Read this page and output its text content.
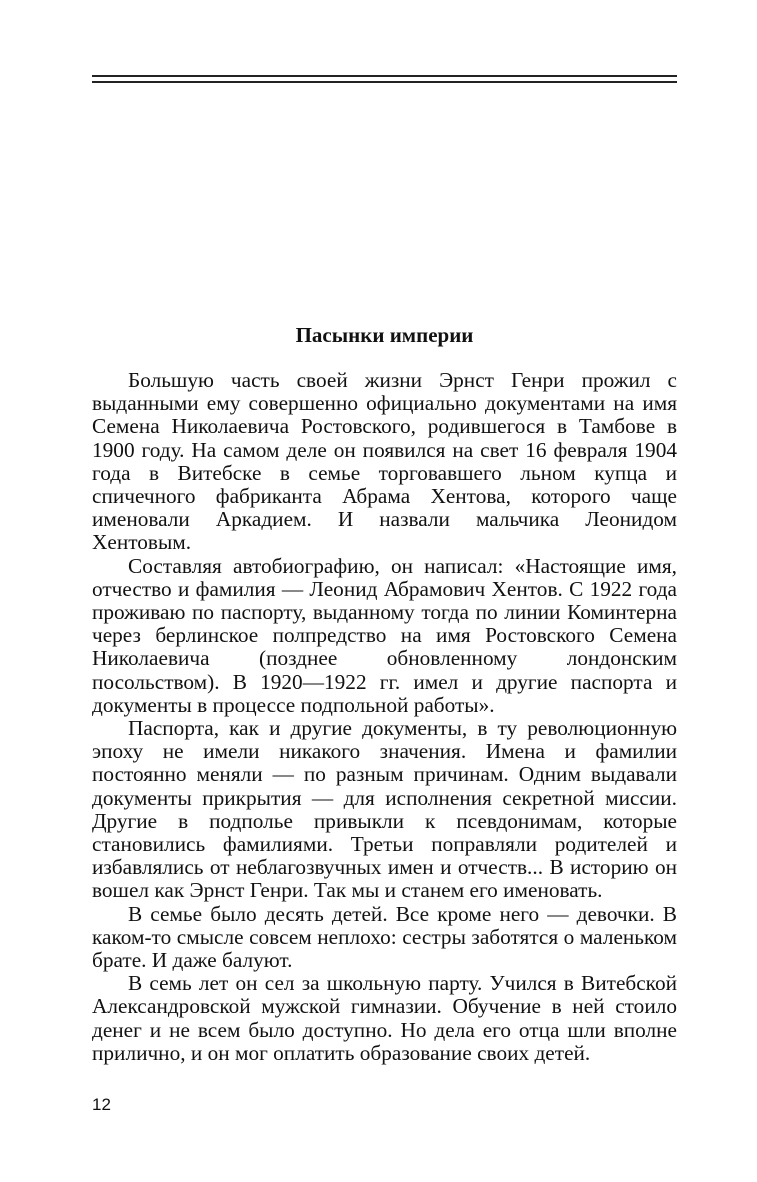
Пасынки империи

Большую часть своей жизни Эрнст Генри прожил с выданными ему совершенно официально документами на имя Семена Николаевича Ростовского, родившегося в Тамбове в 1900 году. На самом деле он появился на свет 16 февраля 1904 года в Витебске в семье торговавшего льном купца и спичечного фабриканта Абрама Хентова, которого чаще именовали Аркадием. И назвали мальчика Леонидом Хентовым.

Составляя автобиографию, он написал: «Настоящие имя, отчество и фамилия — Леонид Абрамович Хентов. С 1922 года проживаю по паспорту, выданному тогда по линии Коминтерна через берлинское полпредство на имя Ростовского Семена Николаевича (позднее обновленному лондонским посольством). В 1920—1922 гг. имел и другие паспорта и документы в процессе подпольной работы».

Паспорта, как и другие документы, в ту революционную эпоху не имели никакого значения. Имена и фамилии постоянно меняли — по разным причинам. Одним выдавали документы прикрытия — для исполнения секретной миссии. Другие в подполье привыкли к псевдонимам, которые становились фамилиями. Третьи поправляли родителей и избавлялись от неблагозвучных имен и отчеств... В историю он вошел как Эрнст Генри. Так мы и станем его именовать.

В семье было десять детей. Все кроме него — девочки. В каком-то смысле совсем неплохо: сестры заботятся о маленьком брате. И даже балуют.

В семь лет он сел за школьную парту. Учился в Витебской Александровской мужской гимназии. Обучение в ней стоило денег и не всем было доступно. Но дела его отца шли вполне прилично, и он мог оплатить образование своих детей.

12
